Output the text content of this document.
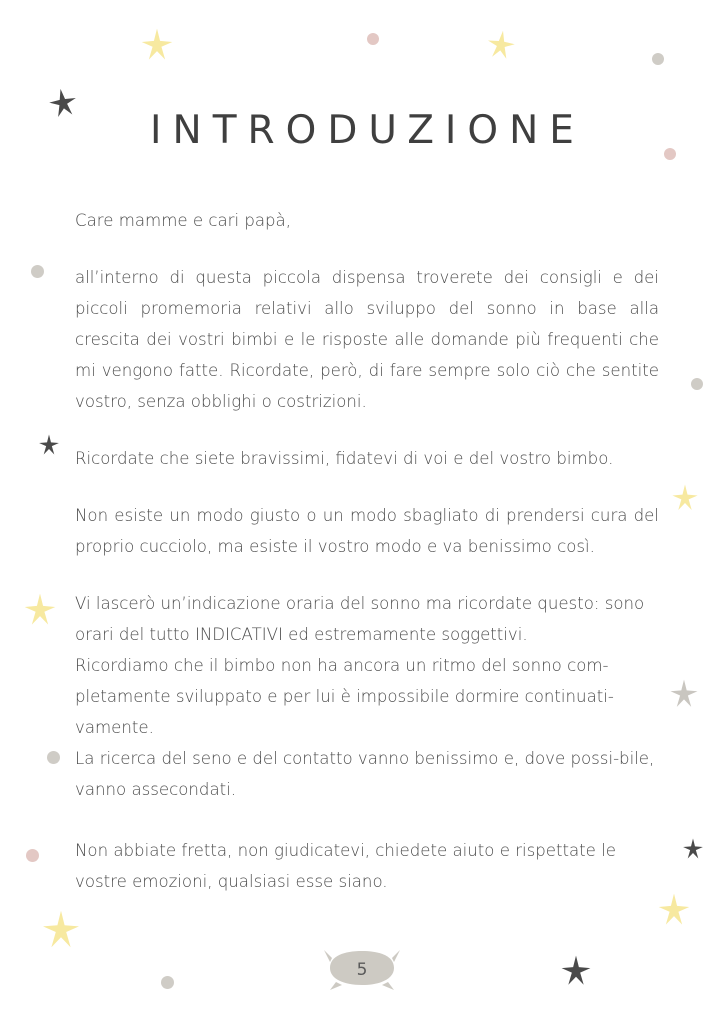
INTRODUZIONE

Care mamme e cari papà,

all’interno di questa piccola dispensa troverete dei consigli e dei piccoli promemoria relativi allo sviluppo del sonno in base alla crescita dei vostri bimbi e le risposte alle domande più frequenti che mi vengono fatte. Ricordate, però, di fare sempre solo ciò che sentite vostro, senza obblighi o costrizioni.

Ricordate che siete bravissimi, fidatevi di voi e del vostro bimbo.

Non esiste un modo giusto o un modo sbagliato di prendersi cura del proprio cucciolo, ma esiste il vostro modo e va benissimo così.

Vi lascerò un’indicazione oraria del sonno ma ricordate questo: sono orari del tutto INDICATIVI ed estremamente soggettivi.

Ricordiamo che il bimbo non ha ancora un ritmo del sonno com-pletamente sviluppato e per lui è impossibile dormire continuati-vamente.

La ricerca del seno e del contatto vanno benissimo e, dove possi-bile, vanno assecondati.

Non abbiate fretta, non giudicatevi, chiedete aiuto e rispettate le vostre emozioni, qualsiasi esse siano.

5
